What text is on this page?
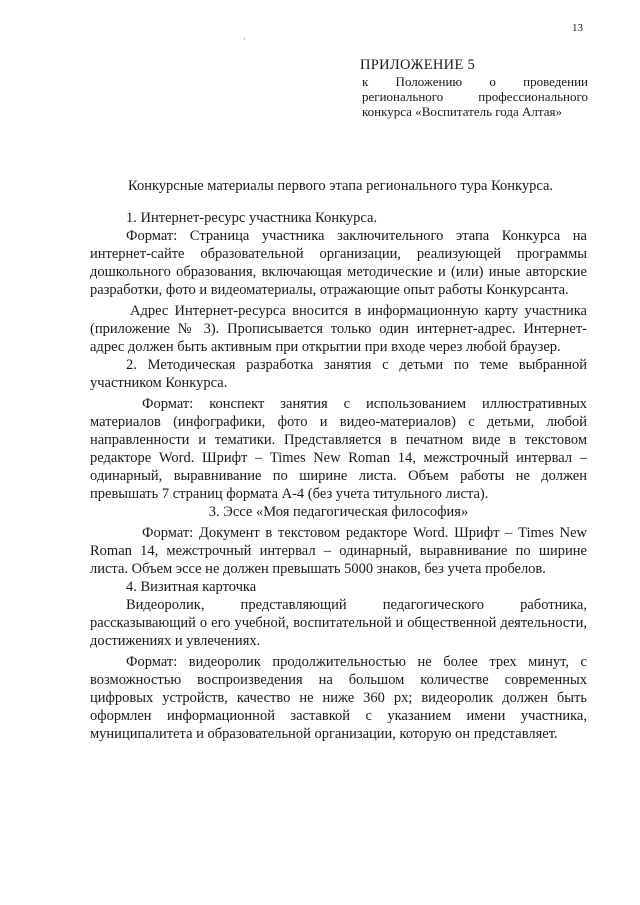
13
·
ПРИЛОЖЕНИЕ 5
к Положению о проведении регионального профессионального конкурса «Воспитатель года Алтая»
Конкурсные материалы первого этапа регионального тура Конкурса.

1. Интернет-ресурс участника Конкурса.

Формат: Страница участника заключительного этапа Конкурса на интернет-сайте образовательной организации, реализующей программы дошкольного образования, включающая методические и (или) иные авторские разработки, фото и видеоматериалы, отражающие опыт работы Конкурсанта.

Адрес Интернет-ресурса вносится в информационную карту участника (приложение № 3). Прописывается только один интернет-адрес. Интернет-адрес должен быть активным при открытии при входе через любой браузер.

2. Методическая разработка занятия с детьми по теме выбранной участником Конкурса.

Формат: конспект занятия с использованием иллюстративных материалов (инфографики, фото и видео-материалов) с детьми, любой направленности и тематики. Представляется в печатном виде в текстовом редакторе Word. Шрифт – Times New Roman 14, межстрочный интервал – одинарный, выравнивание по ширине листа. Объем работы не должен превышать 7 страниц формата А-4 (без учета титульного листа).

3. Эссе «Моя педагогическая философия»

Формат: Документ в текстовом редакторе Word. Шрифт – Times New Roman 14, межстрочный интервал – одинарный, выравнивание по ширине листа. Объем эссе не должен превышать 5000 знаков, без учета пробелов.

4. Визитная карточка

Видеоролик, представляющий педагогического работника, рассказывающий о его учебной, воспитательной и общественной деятельности, достижениях и увлечениях.

Формат: видеоролик продолжительностью не более трех минут, с возможностью воспроизведения на большом количестве современных цифровых устройств, качество не ниже 360 px; видеоролик должен быть оформлен информационной заставкой с указанием имени участника, муниципалитета и образовательной организации, которую он представляет.
